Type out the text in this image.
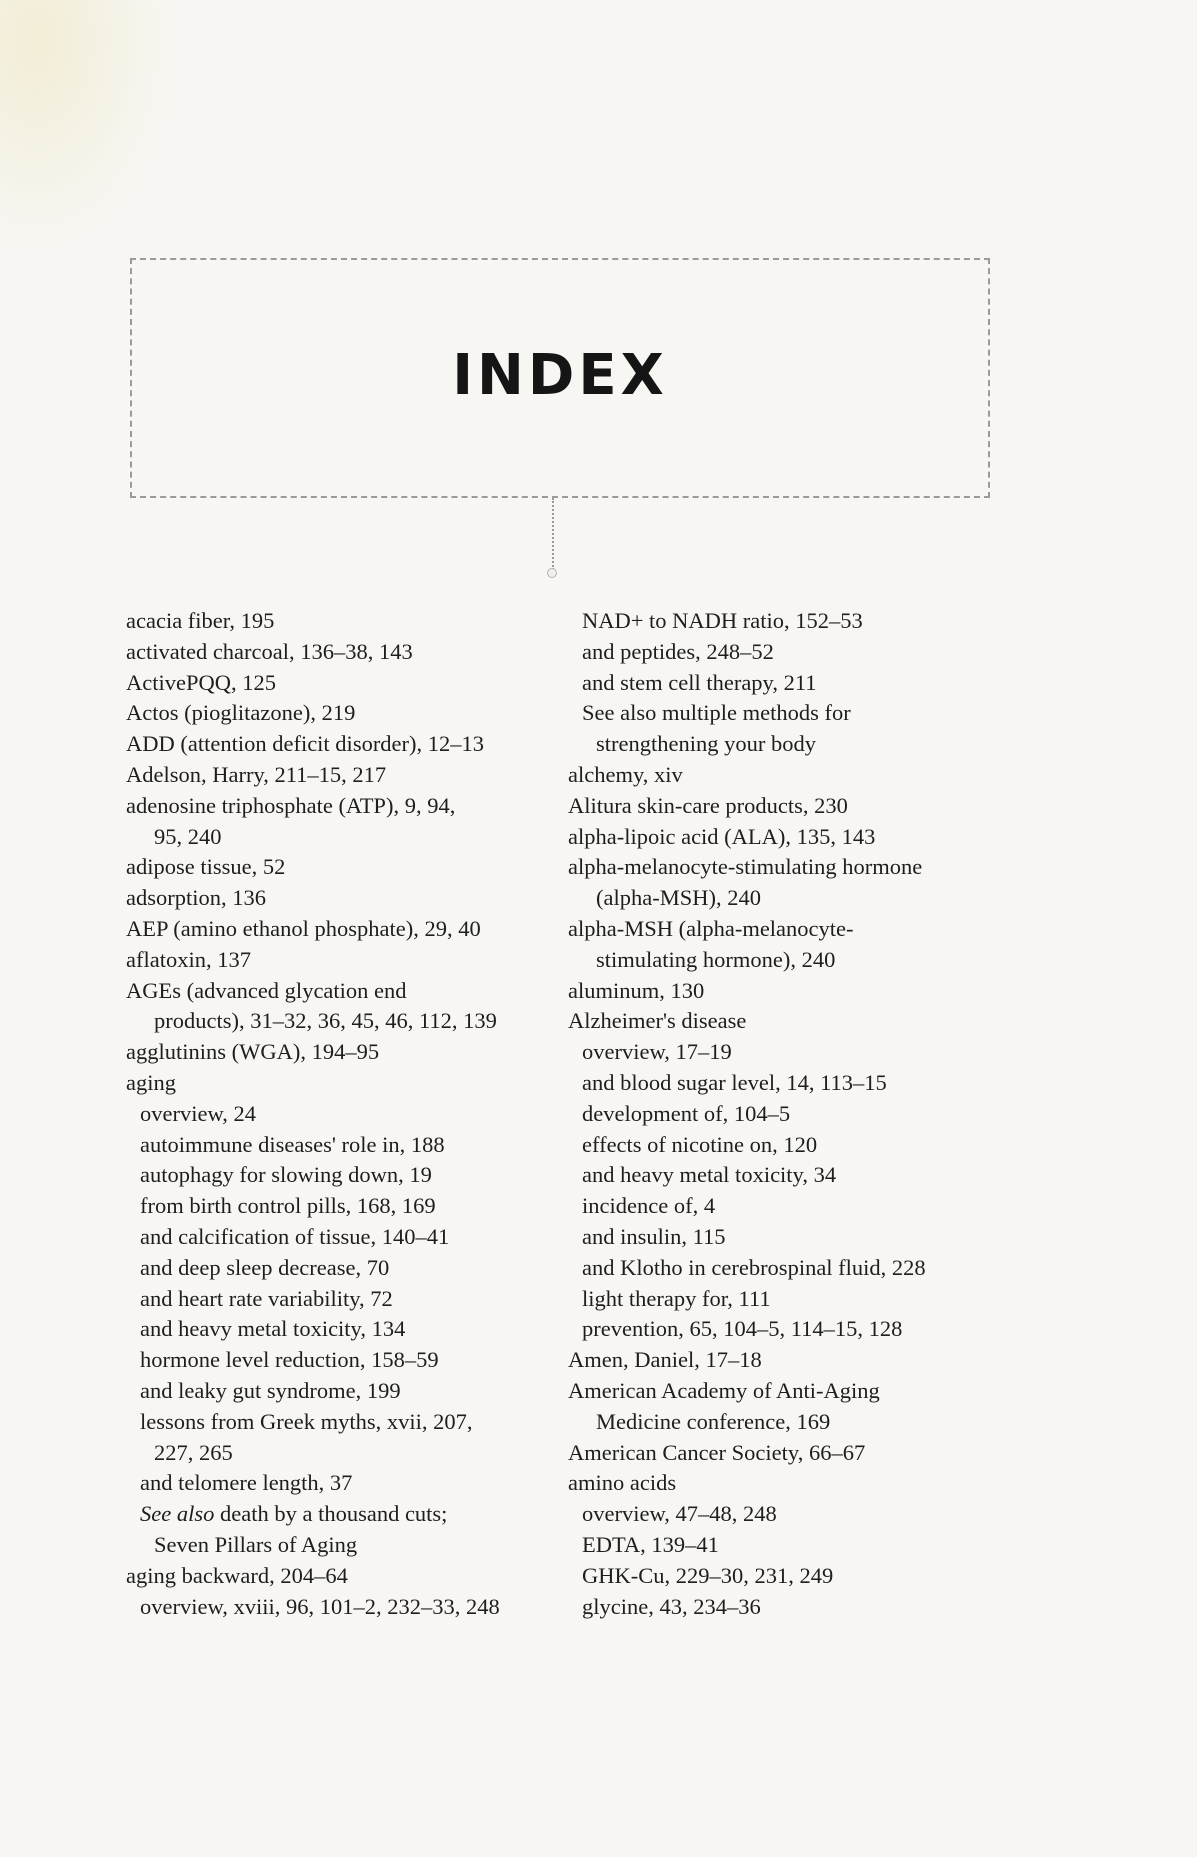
INDEX
acacia fiber, 195
activated charcoal, 136–38, 143
ActivePQQ, 125
Actos (pioglitazone), 219
ADD (attention deficit disorder), 12–13
Adelson, Harry, 211–15, 217
adenosine triphosphate (ATP), 9, 94,
95, 240
adipose tissue, 52
adsorption, 136
AEP (amino ethanol phosphate), 29, 40
aflatoxin, 137
AGEs (advanced glycation end
products), 31–32, 36, 45, 46, 112, 139
agglutinins (WGA), 194–95
aging
overview, 24
autoimmune diseases' role in, 188
autophagy for slowing down, 19
from birth control pills, 168, 169
and calcification of tissue, 140–41
and deep sleep decrease, 70
and heart rate variability, 72
and heavy metal toxicity, 134
hormone level reduction, 158–59
and leaky gut syndrome, 199
lessons from Greek myths, xvii, 207,
227, 265
and telomere length, 37
See also death by a thousand cuts;
Seven Pillars of Aging
aging backward, 204–64
overview, xviii, 96, 101–2, 232–33, 248
NAD+ to NADH ratio, 152–53
and peptides, 248–52
and stem cell therapy, 211
See also multiple methods for
strengthening your body
alchemy, xiv
Alitura skin-care products, 230
alpha-lipoic acid (ALA), 135, 143
alpha-melanocyte-stimulating hormone
(alpha-MSH), 240
alpha-MSH (alpha-melanocyte-
stimulating hormone), 240
aluminum, 130
Alzheimer's disease
overview, 17–19
and blood sugar level, 14, 113–15
development of, 104–5
effects of nicotine on, 120
and heavy metal toxicity, 34
incidence of, 4
and insulin, 115
and Klotho in cerebrospinal fluid, 228
light therapy for, 111
prevention, 65, 104–5, 114–15, 128
Amen, Daniel, 17–18
American Academy of Anti-Aging
Medicine conference, 169
American Cancer Society, 66–67
amino acids
overview, 47–48, 248
EDTA, 139–41
GHK-Cu, 229–30, 231, 249
glycine, 43, 234–36
